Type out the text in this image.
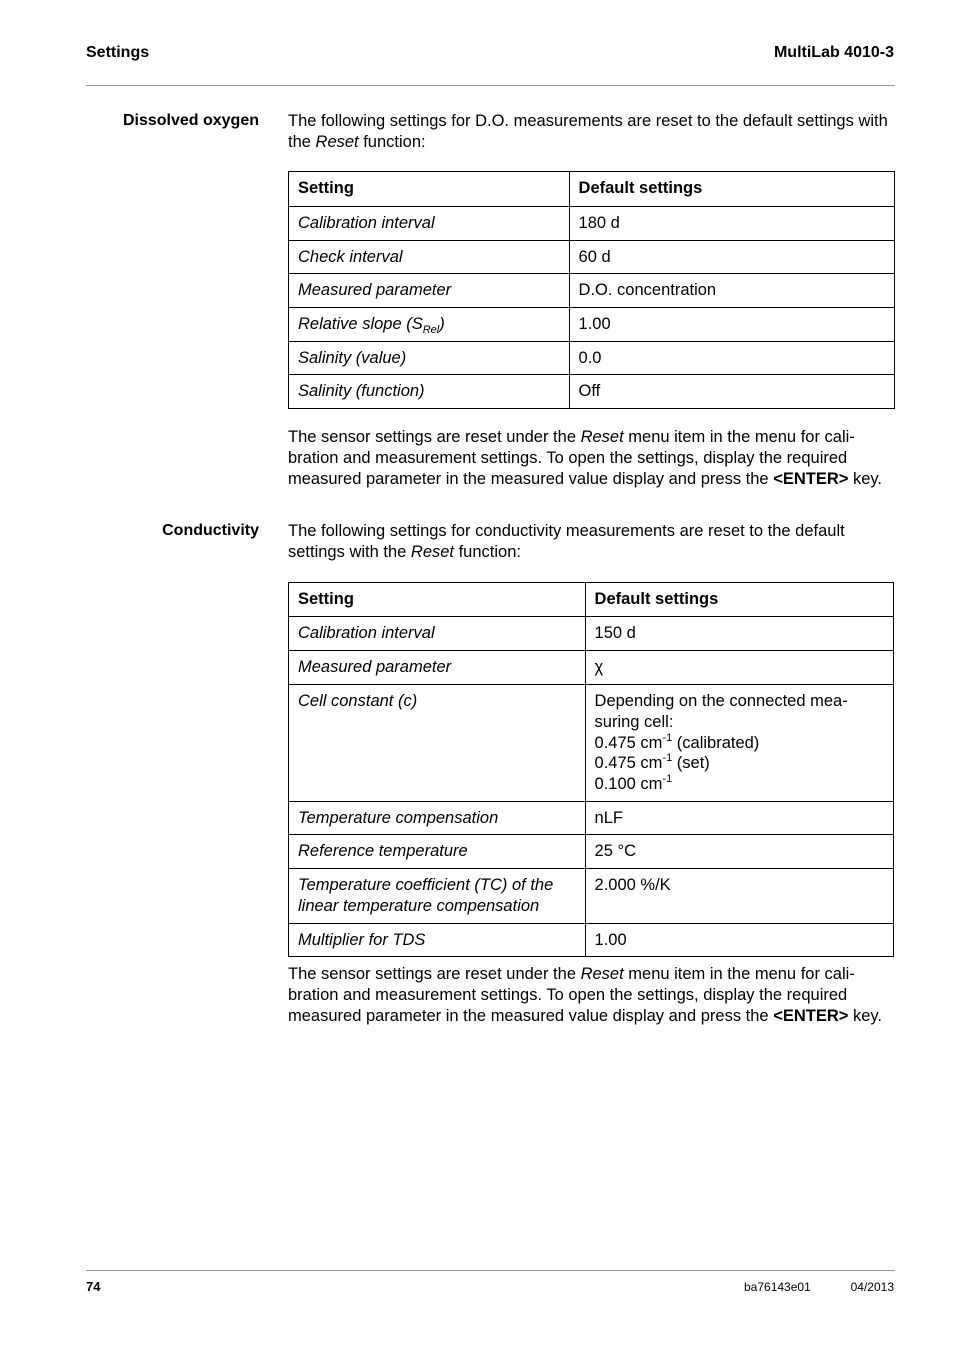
Settings	MultiLab 4010-3
Dissolved oxygen The following settings for D.O. measurements are reset to the default settings with the Reset function:
Setting	Default settings
Calibration interval	180 d
Check interval	60 d
Measured parameter	D.O. concentration
Relative slope $(S_{Rel})$	1.00
Salinity (value)	0.0
Salinity (function)	Off
The sensor settings are reset under the Reset menu item in the menu for cali-bration and measurement settings. To open the settings, display the required measured parameter in the measured value display and press the <ENTER> key.
Conductivity The following settings for conductivity measurements are reset to the default settings with the Reset function:
Setting	Default settings
Calibration interval	150 d
Measured parameter	χ
Cell constant (c)	Depending on the connected mea-suring cell:
0.475 $cm^{-1}$ (calibrated)
0.475 $cm^{-1}$ (set)
0.100 $cm^{-1}$

Temperature compensation	nLF
Reference temperature	25 °C
Temperature coefficient (TC) of the linear temperature compensation	2.000 %/K
Multiplier for TDS	1.00
The sensor settings are reset under the Reset menu item in the menu for cali-bration and measurement settings. To open the settings, display the required measured parameter in the measured value display and press the <ENTER> key.
74	ba76143e01	04/2013
